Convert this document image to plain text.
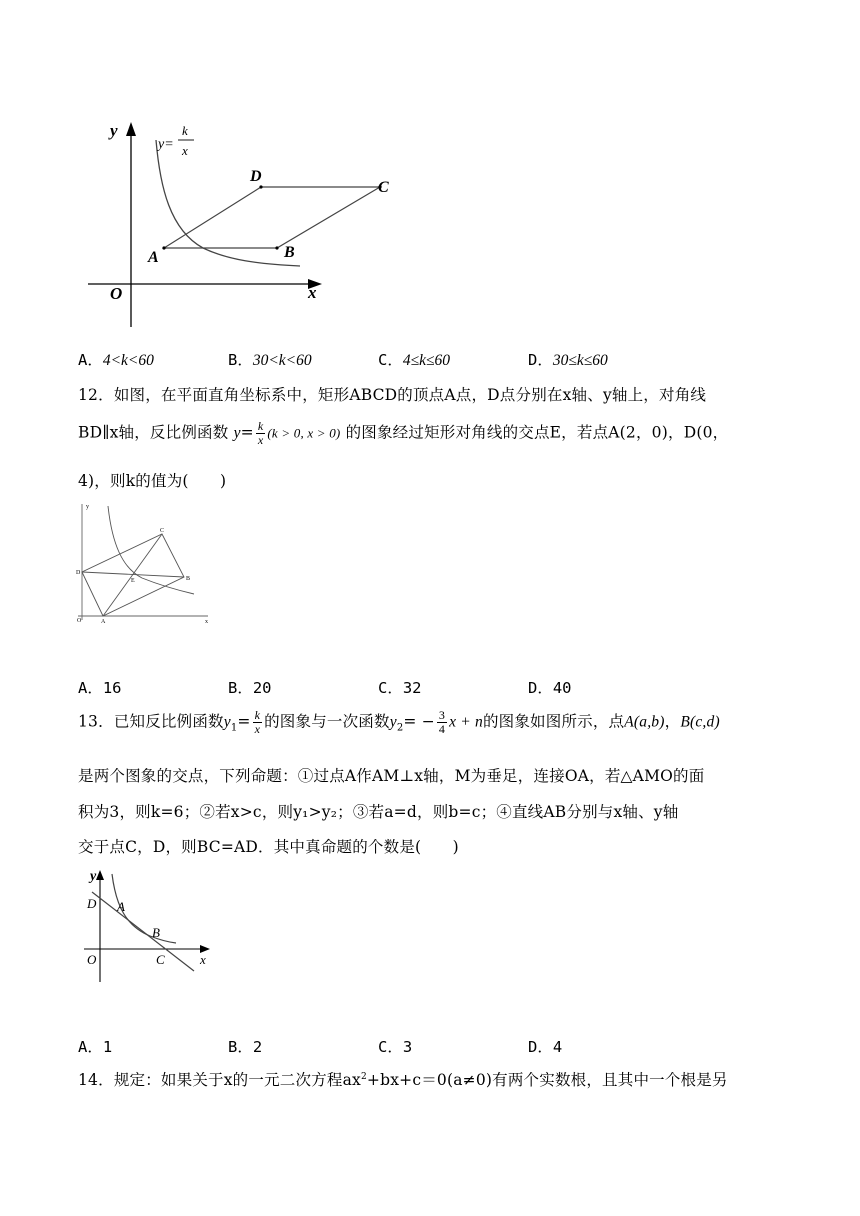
y
x
O
A	B
C
D
y=
k
x
A．4<k<60	B．30<k<60	C．4≤k≤60	D．30≤k≤60
12．如图，在平面直角坐标系中，矩形ABCD的顶点A点，D点分别在x轴、y轴上，对角线
BD∥x轴，反比例函数 $y= \frac{k}{x} (k > 0$, x > 0) 的图象经过矩形对角线的交点E，若点A(2，0)，D(0，
4)，则k的值为(　　)
y
D
C
E	B
O	A	x
A．16	B．20	C．32	D．40
13．已知反比例函数$y_1= \frac{k}{x}$ 的图象与一次函数$y_2= - \frac{3}{4}$ x + n的图象如图所示，点A(a,b)，B(c,d)
是两个图象的交点，下列命题：①过点A作AM⊥x轴，M为垂足，连接OA，若△AMO的面
积为3，则k=6；②若x>c，则y₁>y₂；③若a=d，则b=c；④直线AB分别与x轴、y轴
交于点C，D，则BC=AD．其中真命题的个数是(　　)
y
D A
B
O	C	x
A．1	B．2	C．3	D．4
14．规定：如果关于x的一元二次方程$ax^2+bx+c=0(a\ne 0)$有两个实数根，且其中一个根是另
